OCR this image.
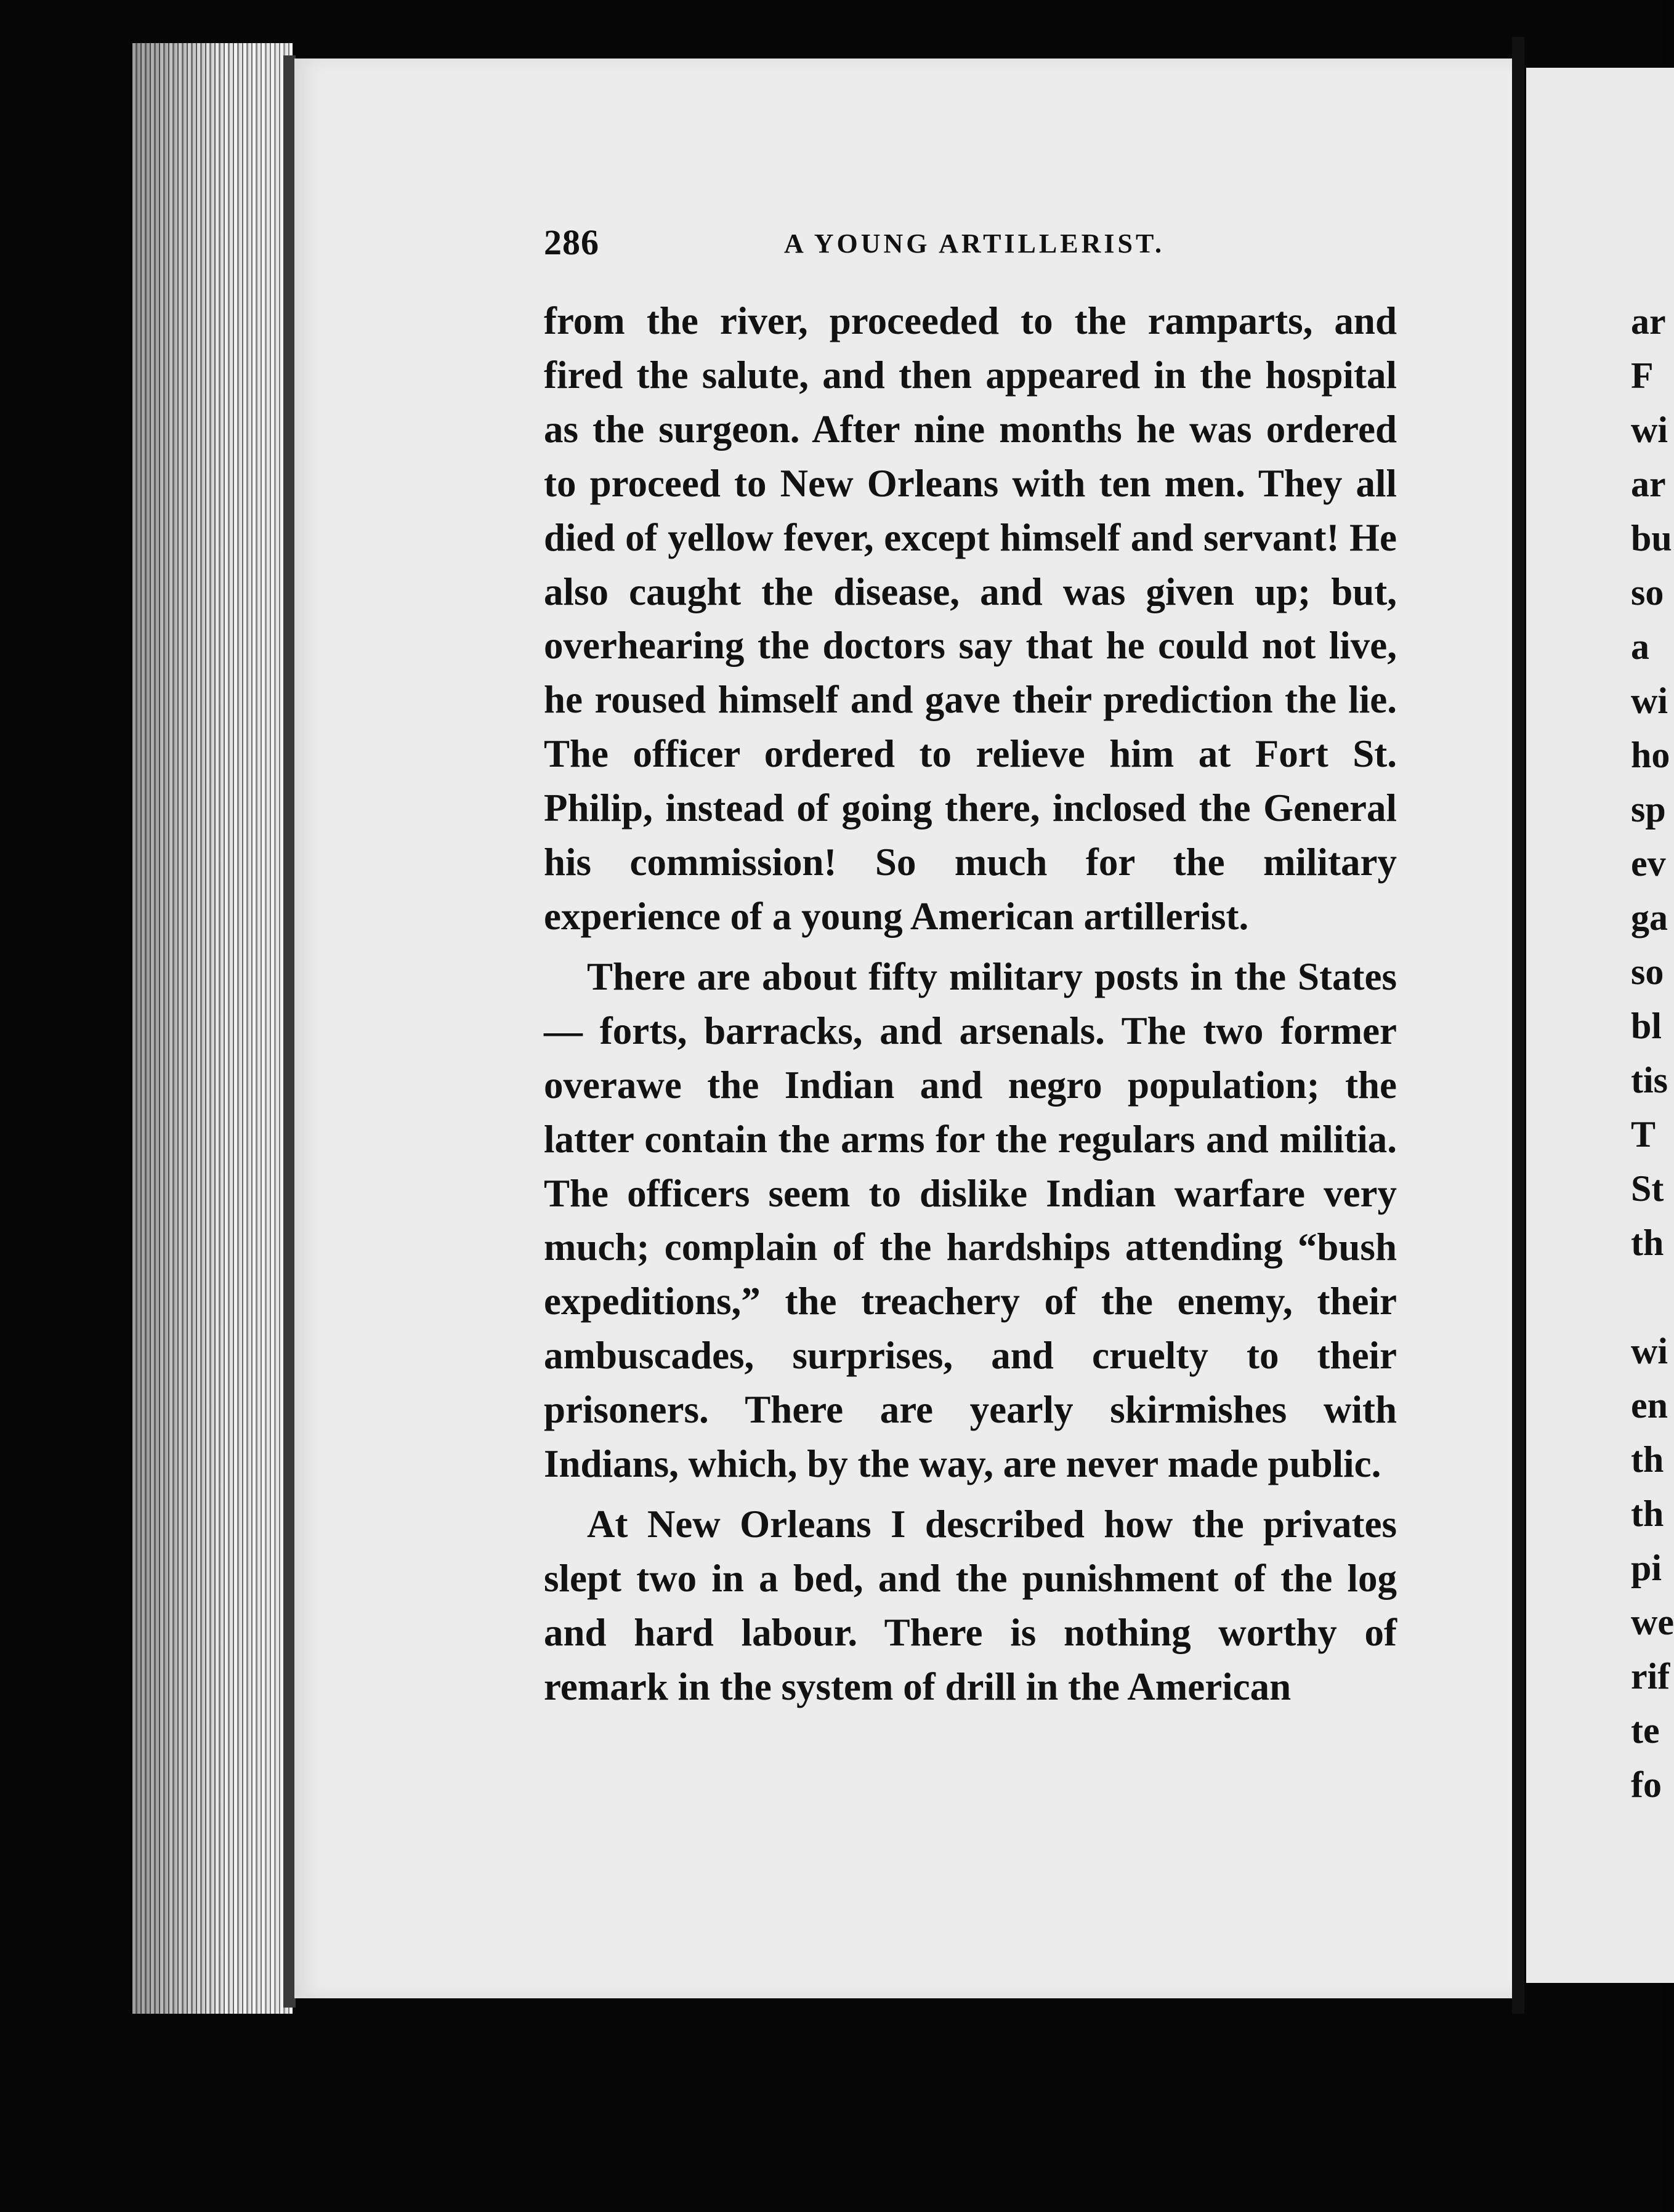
286	A YOUNG ARTILLERIST.

from the river, proceeded to the ramparts, and fired the salute, and then appeared in the hospital as the surgeon. After nine months he was ordered to proceed to New Orleans with ten men. They all died of yellow fever, except himself and servant! He also caught the disease, and was given up; but, overhearing the doctors say that he could not live, he roused himself and gave their prediction the lie. The officer ordered to relieve him at Fort St. Philip, instead of going there, inclosed the General his commission! So much for the military experience of a young American artillerist.

There are about fifty military posts in the States — forts, barracks, and arsenals. The two former overawe the Indian and negro population; the latter contain the arms for the regulars and militia. The officers seem to dislike Indian warfare very much; complain of the hardships attending “bush expeditions,” the treachery of the enemy, their ambuscades, surprises, and cruelty to their prisoners. There are yearly skirmishes with Indians, which, by the way, are never made public.

At New Orleans I described how the privates slept two in a bed, and the punishment of the log and hard labour. There is nothing worthy of remark in the system of drill in the American

ar
F
wi
ar
bu
so
a
wi
ho
sp
ev
ga
so
bl
tis
T
St
th
wi
en
th
th
pi
we
rif
te
fo
